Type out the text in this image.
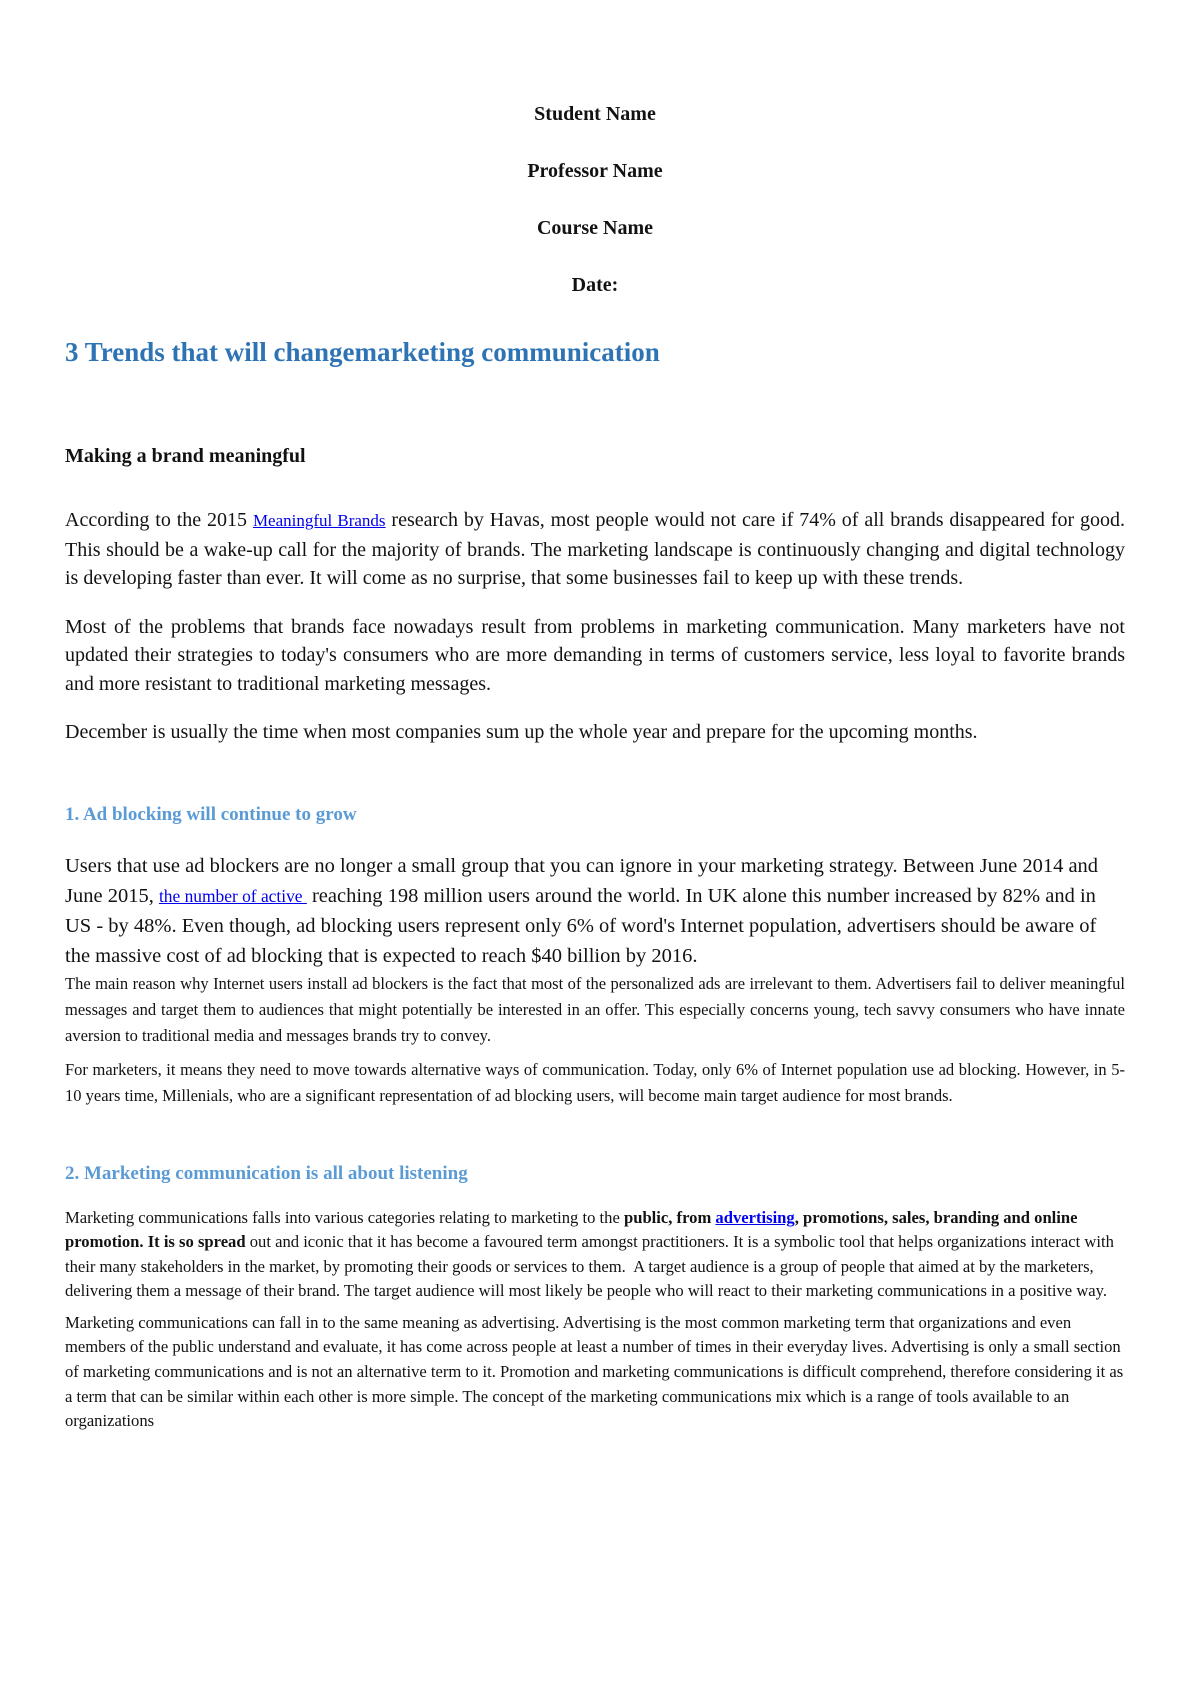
Student Name
Professor Name
Course Name
Date:
3 Trends that will changemarketing communication
Making a brand meaningful

According to the 2015 Meaningful Brands research by Havas, most people would not care if 74% of all brands disappeared for good. This should be a wake-up call for the majority of brands. The marketing landscape is continuously changing and digital technology is developing faster than ever. It will come as no surprise, that some businesses fail to keep up with these trends.

Most of the problems that brands face nowadays result from problems in marketing communication. Many marketers have not updated their strategies to today's consumers who are more demanding in terms of customers service, less loyal to favorite brands and more resistant to traditional marketing messages.

December is usually the time when most companies sum up the whole year and prepare for the upcoming months.

1. Ad blocking will continue to grow

Users that use ad blockers are no longer a small group that you can ignore in your marketing strategy. Between June 2014 and June 2015, the number of active  reaching 198 million users around the world. In UK alone this number increased by 82% and in US - by 48%. Even though, ad blocking users represent only 6% of word's Internet population, advertisers should be aware of the massive cost of ad blocking that is expected to reach $40 billion by 2016.

The main reason why Internet users install ad blockers is the fact that most of the personalized ads are irrelevant to them. Advertisers fail to deliver meaningful messages and target them to audiences that might potentially be interested in an offer. This especially concerns young, tech savvy consumers who have innate aversion to traditional media and messages brands try to convey.

For marketers, it means they need to move towards alternative ways of communication. Today, only 6% of Internet population use ad blocking. However, in 5-10 years time, Millenials, who are a significant representation of ad blocking users, will become main target audience for most brands.

2. Marketing communication is all about listening

Marketing communications falls into various categories relating to marketing to the public, from advertising, promotions, sales, branding and online promotion. It is so spread out and iconic that it has become a favoured term amongst practitioners. It is a symbolic tool that helps organizations interact with their many stakeholders in the market, by promoting their goods or services to them.  A target audience is a group of people that aimed at by the marketers, delivering them a message of their brand. The target audience will most likely be people who will react to their marketing communications in a positive way.

Marketing communications can fall in to the same meaning as advertising. Advertising is the most common marketing term that organizations and even members of the public understand and evaluate, it has come across people at least a number of times in their everyday lives. Advertising is only a small section of marketing communications and is not an alternative term to it. Promotion and marketing communications is difficult comprehend, therefore considering it as a term that can be similar within each other is more simple. The concept of the marketing communications mix which is a range of tools available to an organizations
